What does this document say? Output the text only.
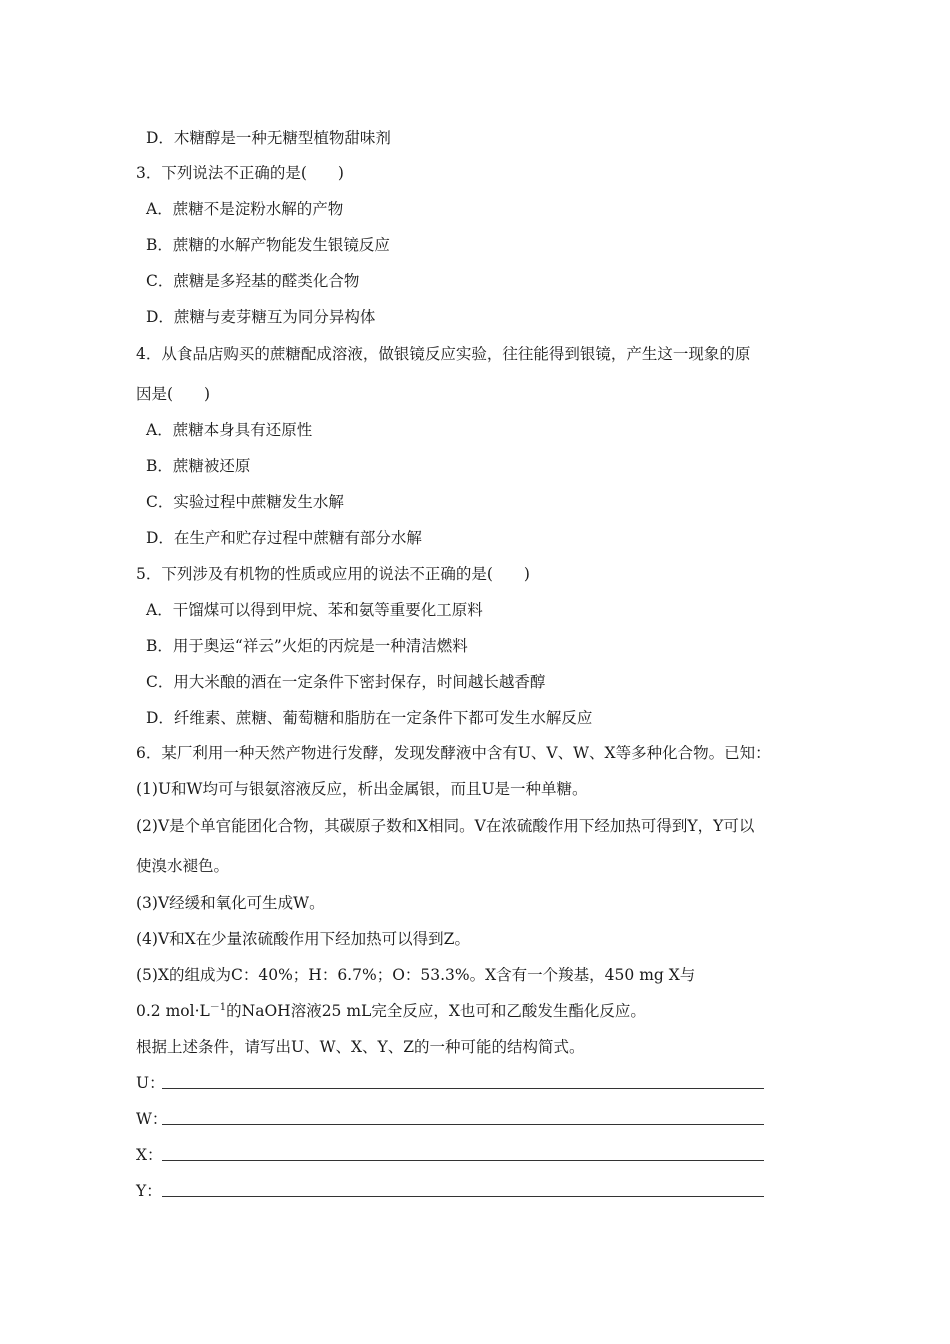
D．木糖醇是一种无糖型植物甜味剂
3．下列说法不正确的是(　　)
A．蔗糖不是淀粉水解的产物
B．蔗糖的水解产物能发生银镜反应
C．蔗糖是多羟基的醛类化合物
D．蔗糖与麦芽糖互为同分异构体
4．从食品店购买的蔗糖配成溶液，做银镜反应实验，往往能得到银镜，产生这一现象的原
因是(　　)
A．蔗糖本身具有还原性
B．蔗糖被还原
C．实验过程中蔗糖发生水解
D．在生产和贮存过程中蔗糖有部分水解
5．下列涉及有机物的性质或应用的说法不正确的是(　　)
A．干馏煤可以得到甲烷、苯和氨等重要化工原料
B．用于奥运“祥云”火炬的丙烷是一种清洁燃料
C．用大米酿的酒在一定条件下密封保存，时间越长越香醇
D．纤维素、蔗糖、葡萄糖和脂肪在一定条件下都可发生水解反应
6．某厂利用一种天然产物进行发酵，发现发酵液中含有U、V、W、X等多种化合物。已知：
(1)U和W均可与银氨溶液反应，析出金属银，而且U是一种单糖。
(2)V是个单官能团化合物，其碳原子数和X相同。V在浓硫酸作用下经加热可得到Y，Y可以
使溴水褪色。
(3)V经缓和氧化可生成W。
(4)V和X在少量浓硫酸作用下经加热可以得到Z。
(5)X的组成为C：40%；H：6.7%；O：53.3%。X含有一个羧基，450 mg X与
0.2 $mol\cdot L^{-1}$的NaOH溶液25 mL完全反应，X也可和乙酸发生酯化反应。
根据上述条件，请写出U、W、X、Y、Z的一种可能的结构简式。
U：
W：
X：
Y：
